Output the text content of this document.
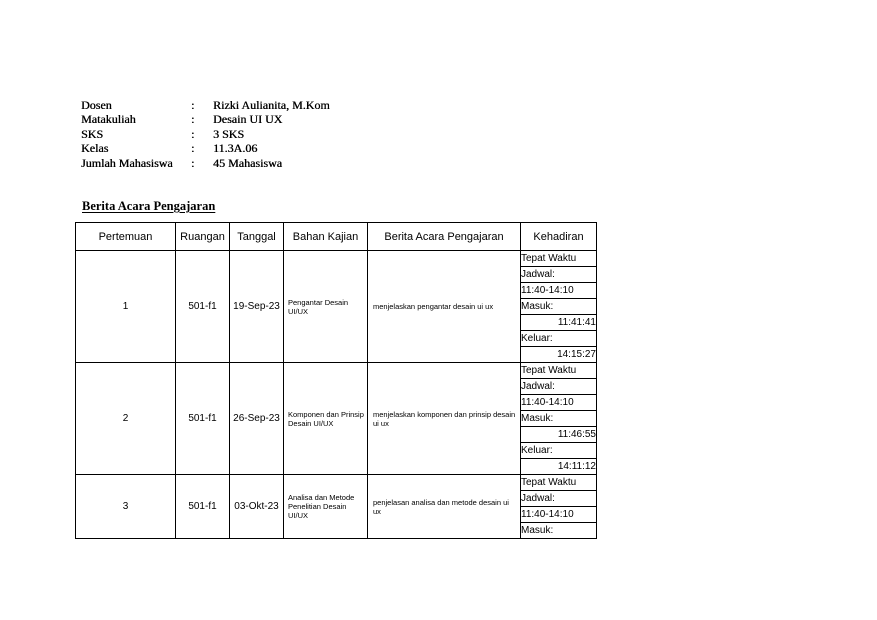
Dosen	:	Rizki Aulianita, M.Kom
Matakuliah	:	Desain UI UX
SKS	:	3 SKS
Kelas	:	11.3A.06
Jumlah Mahasiswa	:	45 Mahasiswa
Berita Acara Pengajaran
Pertemuan	Ruangan	Tanggal	Bahan Kajian	Berita Acara Pengajaran	Kehadiran
1	501-f1	19-Sep-23	Pengantar Desain UI/UX	menjelaskan pengantar desain ui ux	Tepat Waktu
					Jadwal:
					11:40-14:10
					Masuk:
					11:41:41
					Keluar:
					14:15:27
2	501-f1	26-Sep-23	Komponen dan Prinsip Desain UI/UX	menjelaskan komponen dan prinsip desain ui ux	Tepat Waktu
					Jadwal:
					11:40-14:10
					Masuk:
					11:46:55
					Keluar:
					14:11:12
3	501-f1	03-Okt-23	Analisa dan Metode Penelitian Desain UI/UX	penjelasan analisa dan metode desain ui ux	Tepat Waktu
					Jadwal:
					11:40-14:10
					Masuk:
